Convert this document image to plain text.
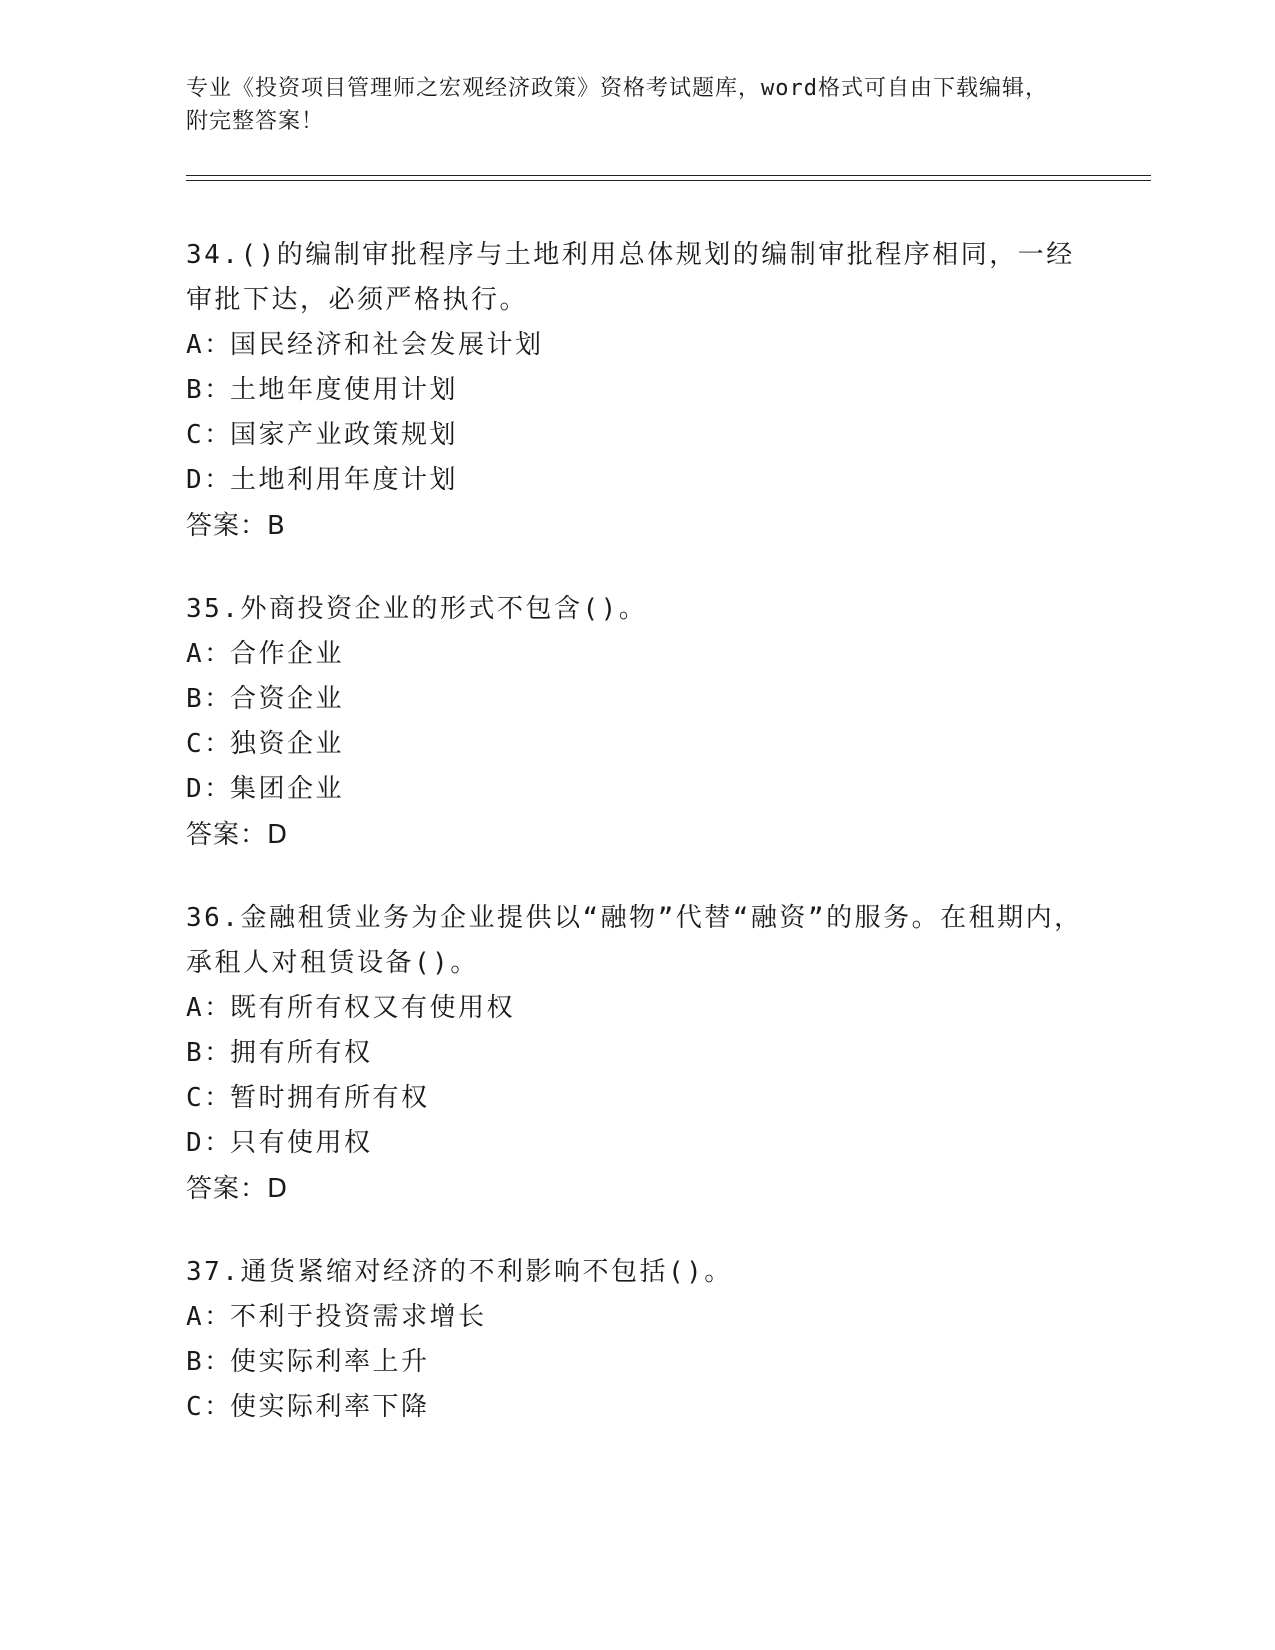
专业《投资项目管理师之宏观经济政策》资格考试题库，word格式可自由下载编辑，附完整答案！
34.()的编制审批程序与土地利用总体规划的编制审批程序相同，一经审批下达，必须严格执行。
A：国民经济和社会发展计划
B：土地年度使用计划
C：国家产业政策规划
D：土地利用年度计划
答案：B
35.外商投资企业的形式不包含()。
A：合作企业
B：合资企业
C：独资企业
D：集团企业
答案：D
36.金融租赁业务为企业提供以“融物”代替“融资”的服务。在租期内，承租人对租赁设备()。
A：既有所有权又有使用权
B：拥有所有权
C：暂时拥有所有权
D：只有使用权
答案：D
37.通货紧缩对经济的不利影响不包括()。
A：不利于投资需求增长
B：使实际利率上升
C：使实际利率下降
